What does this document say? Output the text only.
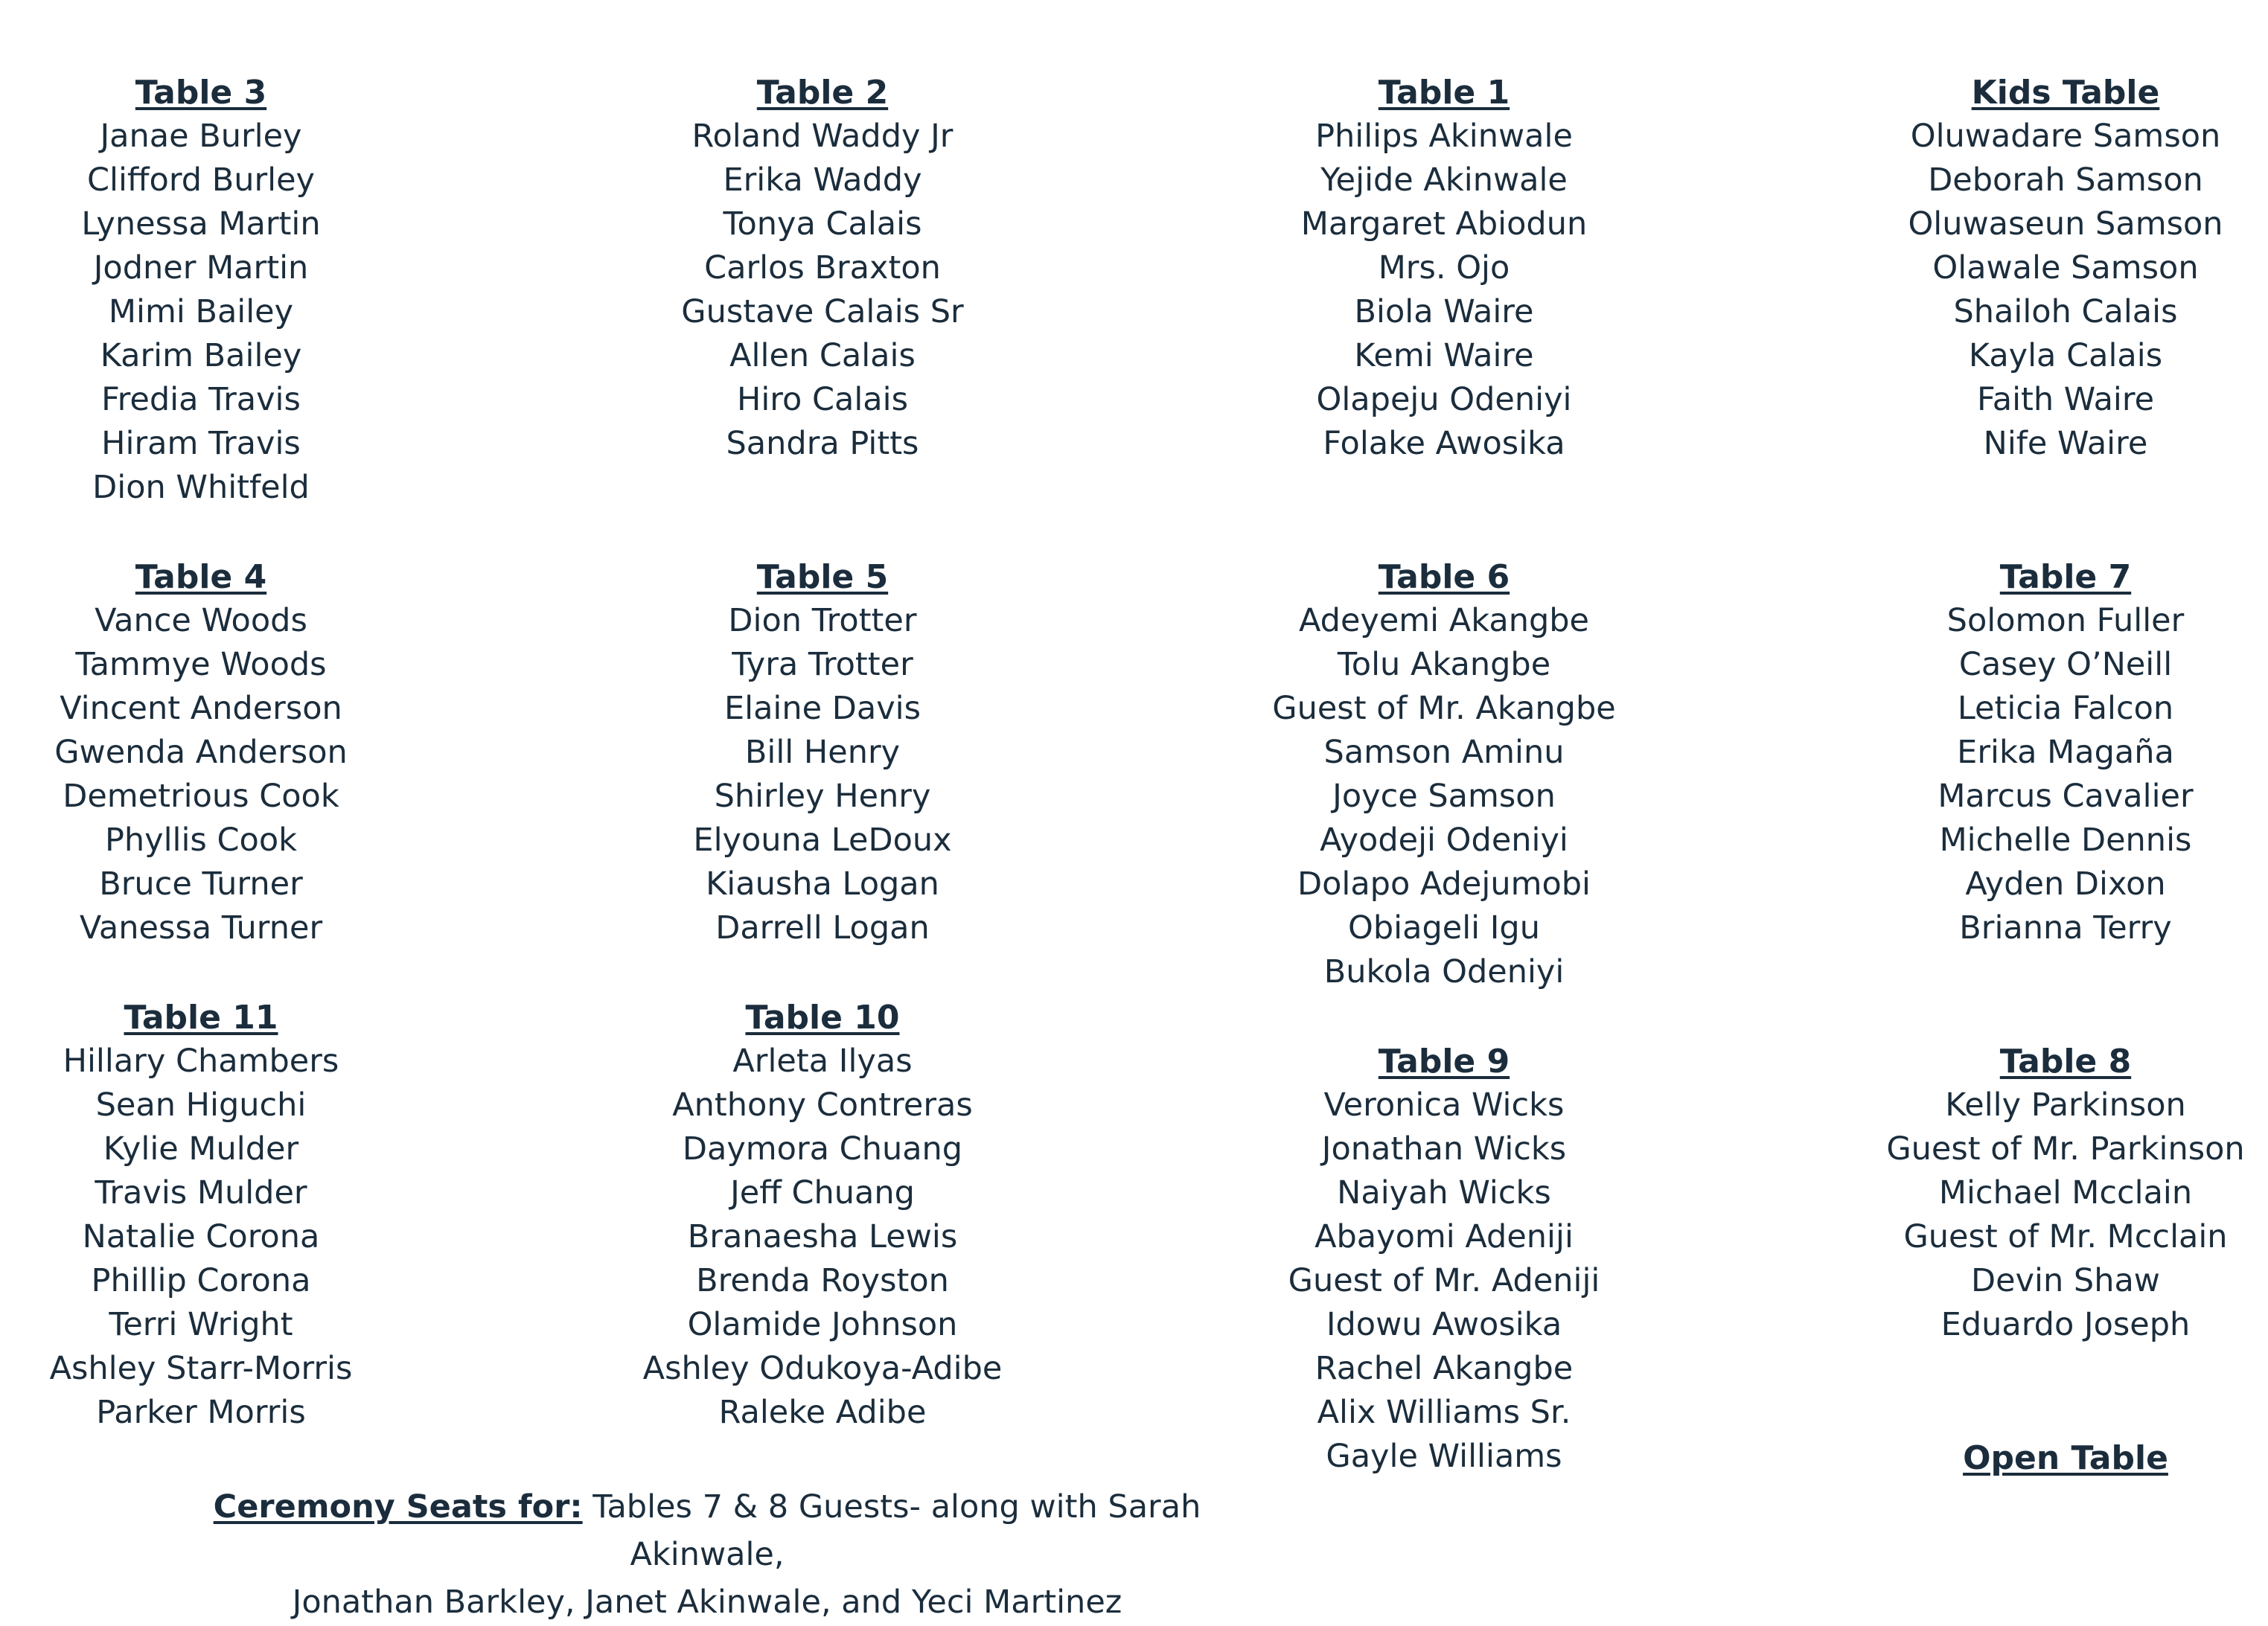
Table 3
Janae Burley
Clifford Burley
Lynessa Martin
Jodner Martin
Mimi Bailey
Karim Bailey
Fredia Travis
Hiram Travis
Dion Whitfeld
Table 2
Roland Waddy Jr
Erika Waddy
Tonya Calais
Carlos Braxton
Gustave Calais Sr
Allen Calais
Hiro Calais
Sandra Pitts
Table 1
Philips Akinwale
Yejide Akinwale
Margaret Abiodun
Mrs. Ojo
Biola Waire
Kemi Waire
Olapeju Odeniyi
Folake Awosika
Kids Table
Oluwadare Samson
Deborah Samson
Oluwaseun Samson
Olawale Samson
Shailoh Calais
Kayla Calais
Faith Waire
Nife Waire
Table 4
Vance Woods
Tammye Woods
Vincent Anderson
Gwenda Anderson
Demetrious Cook
Phyllis Cook
Bruce Turner
Vanessa Turner
Table 5
Dion Trotter
Tyra Trotter
Elaine Davis
Bill Henry
Shirley Henry
Elyouna LeDoux
Kiausha Logan
Darrell Logan
Table 6
Adeyemi Akangbe
Tolu Akangbe
Guest of Mr. Akangbe
Samson Aminu
Joyce Samson
Ayodeji Odeniyi
Dolapo Adejumobi
Obiageli Igu
Bukola Odeniyi
Table 7
Solomon Fuller
Casey O’Neill
Leticia Falcon
Erika Magaña
Marcus Cavalier
Michelle Dennis
Ayden Dixon
Brianna Terry
Table 11
Hillary Chambers
Sean Higuchi
Kylie Mulder
Travis Mulder
Natalie Corona
Phillip Corona
Terri Wright
Ashley Starr-Morris
Parker Morris
Table 10
Arleta Ilyas
Anthony Contreras
Daymora Chuang
Jeff Chuang
Branaesha Lewis
Brenda Royston
Olamide Johnson
Ashley Odukoya-Adibe
Raleke Adibe
Table 9
Veronica Wicks
Jonathan Wicks
Naiyah Wicks
Abayomi Adeniji
Guest of Mr. Adeniji
Idowu Awosika
Rachel Akangbe
Alix Williams Sr.
Gayle Williams
Table 8
Kelly Parkinson
Guest of Mr. Parkinson
Michael Mcclain
Guest of Mr. Mcclain
Devin Shaw
Eduardo Joseph
Open Table
Ceremony Seats for: Tables 7 & 8 Guests- along with Sarah Akinwale,
Jonathan Barkley, Janet Akinwale, and Yeci Martinez
